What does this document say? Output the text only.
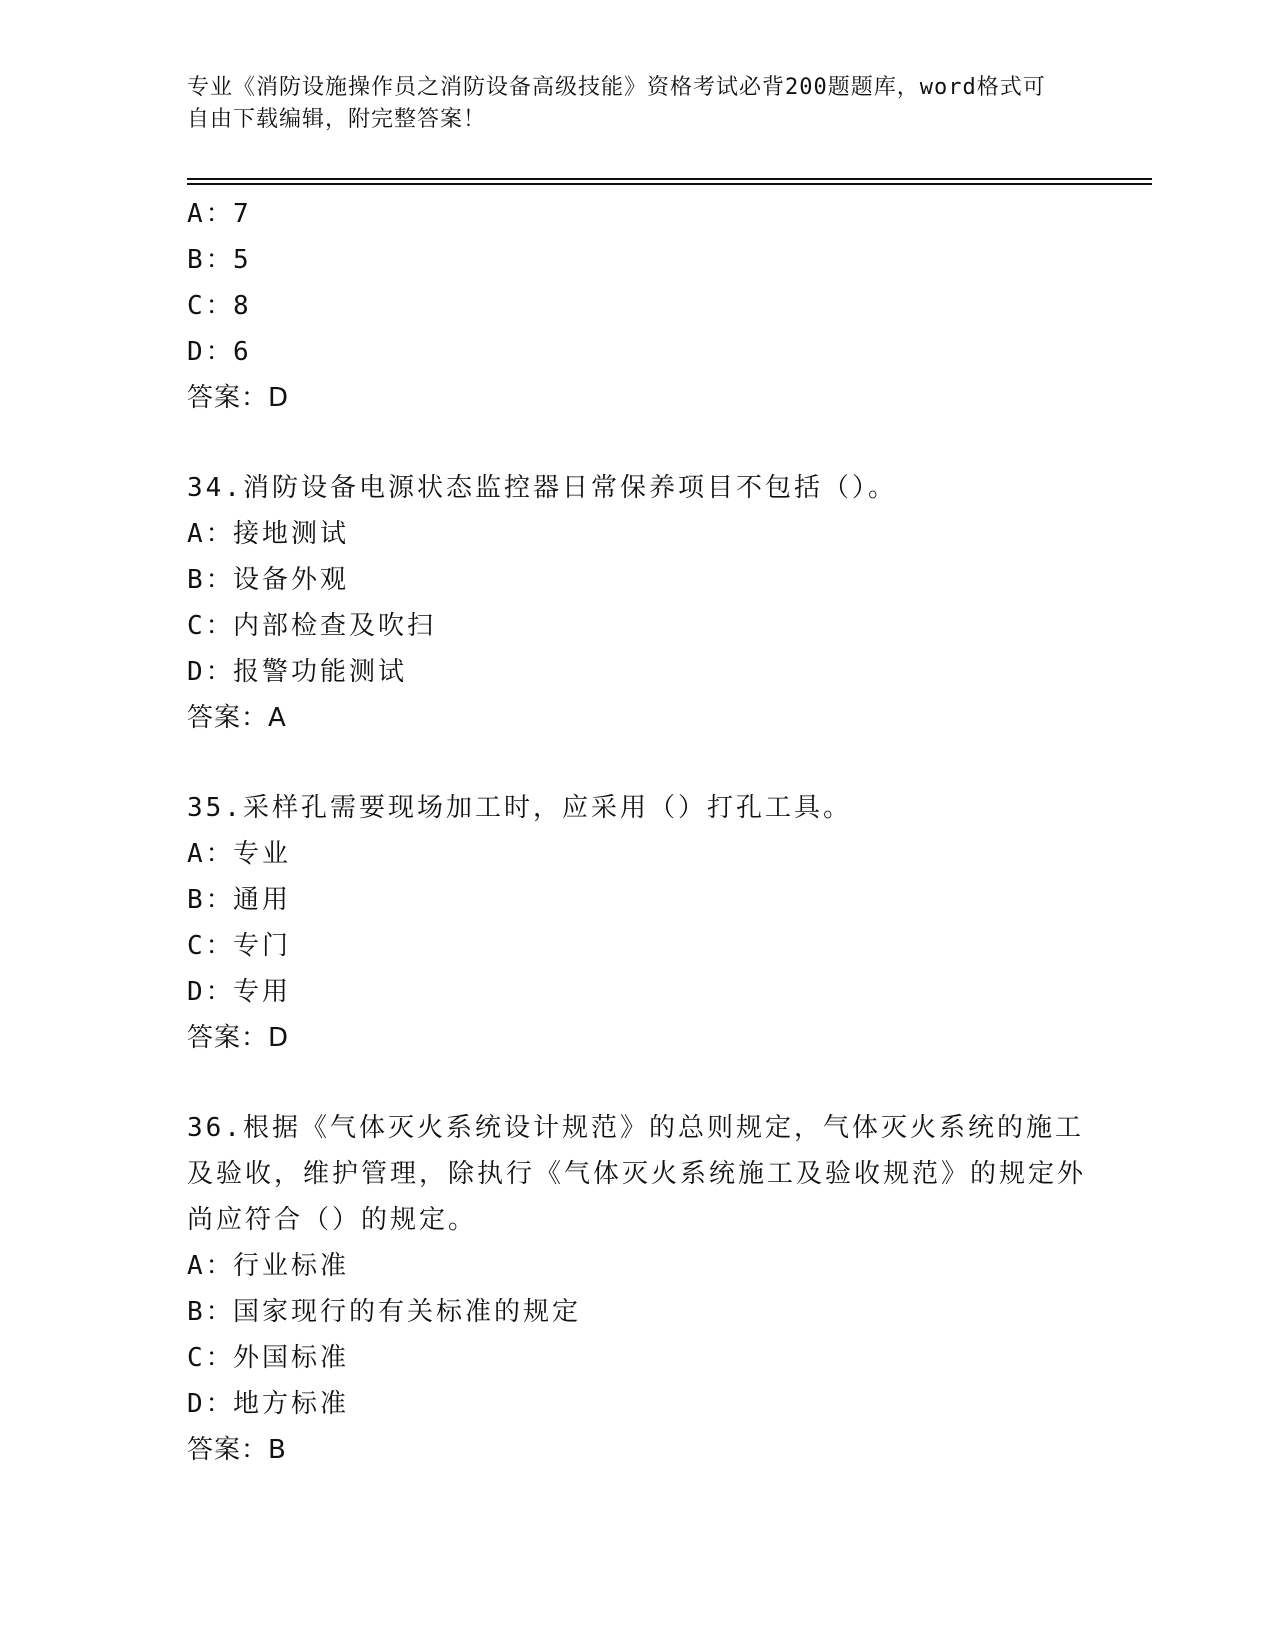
专业《消防设施操作员之消防设备高级技能》资格考试必背200题题库，word格式可自由下载编辑，附完整答案！
A：7
B：5
C：8
D：6
答案：D
34.消防设备电源状态监控器日常保养项目不包括（）。
A：接地测试
B：设备外观
C：内部检查及吹扫
D：报警功能测试
答案：A
35.采样孔需要现场加工时，应采用（）打孔工具。
A：专业
B：通用
C：专门
D：专用
答案：D
36.根据《气体灭火系统设计规范》的总则规定，气体灭火系统的施工及验收，维护管理，除执行《气体灭火系统施工及验收规范》的规定外尚应符合（）的规定。
A：行业标准
B：国家现行的有关标准的规定
C：外国标准
D：地方标准
答案：B
